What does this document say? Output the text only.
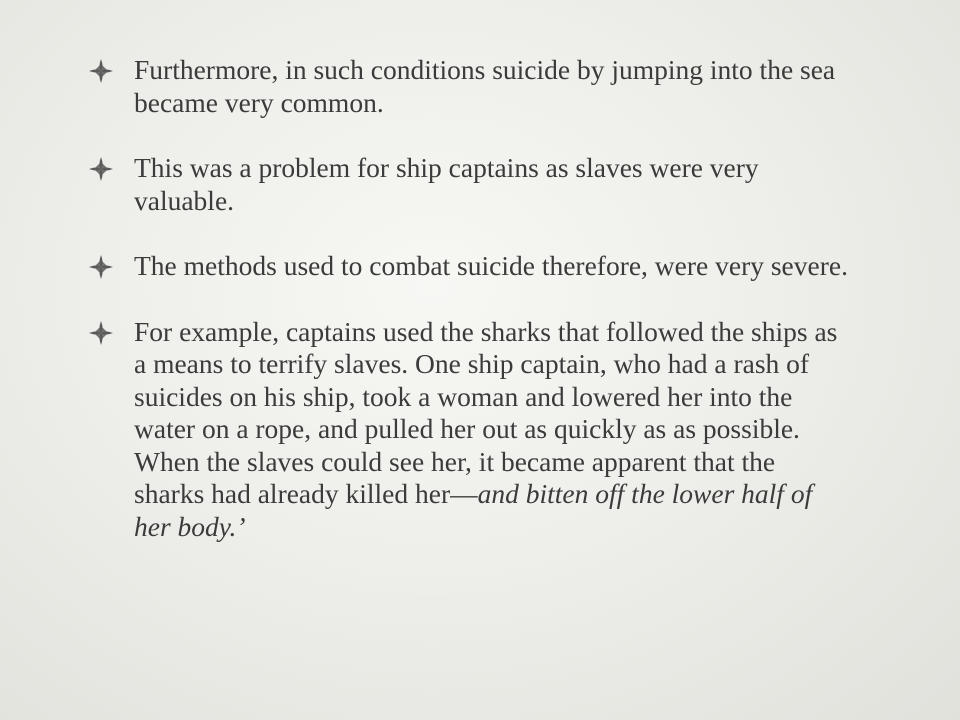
Furthermore, in such conditions suicide by jumping into the sea became very common.
This was a problem for ship captains as slaves were very valuable.
The methods used to combat suicide therefore, were very severe.
For example, captains used the sharks that followed the ships as a means to terrify slaves. One ship captain, who had a rash of suicides on his ship, took a woman and lowered her into the water on a rope, and pulled her out as quickly as as possible. When the slaves could see her, it became apparent that the sharks had already killed her—and bitten off the lower half of her body.’
